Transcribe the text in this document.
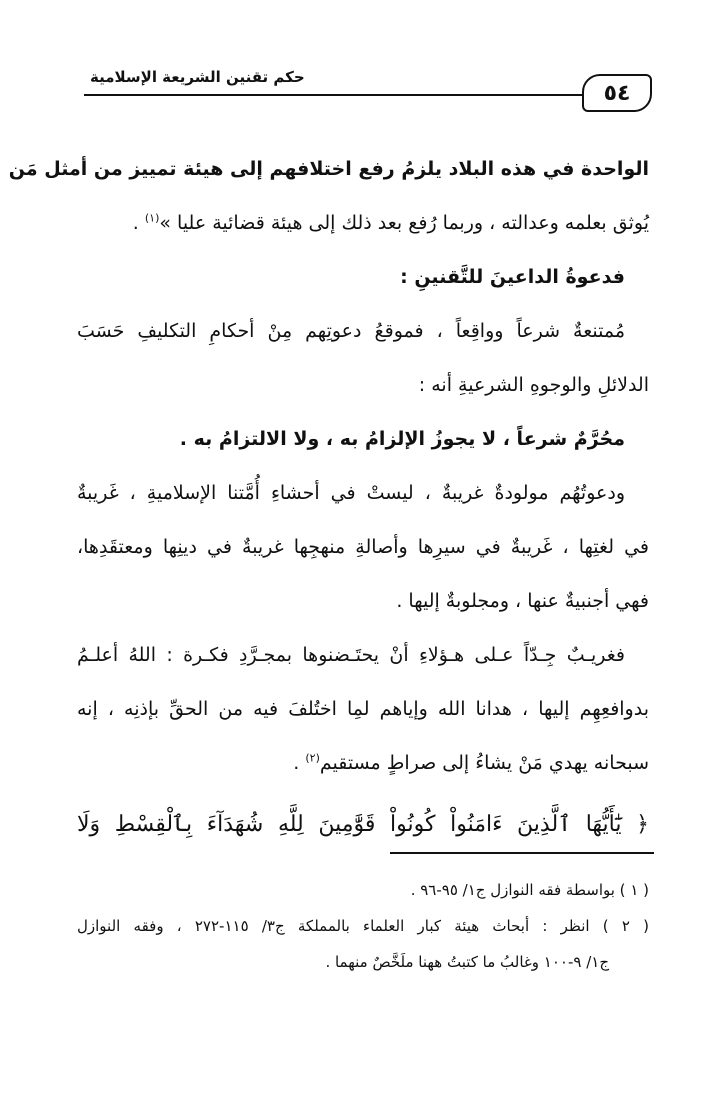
٥٤
حكم تقنين الشريعة الإسلامية
الواحدة في هذه البلاد يلزمُ رفع اختلافهم إلى هيئة تمييز من أمثل مَن
يُوثق بعلمه وعدالته ، وربما رُفع بعد ذلك إلى هيئة قضائية عليا »$^{(١)}$ .
فدعوةُ الداعينَ للتَّقنينِ :
مُمتنعةٌ شرعاً وواقِعاً ، فموقعُ دعوتِهم مِنْ أحكامِ التكليفِ حَسَبَ
الدلائلِ والوجوهِ الشرعيةِ أنه :
محُرَّمٌ شرعاً ، لا يجوزُ الإلزامُ به ، ولا الالتزامُ به .
ودعوتُهُم مولودةٌ غريبةٌ ، ليستْ في أحشاءِ أُمَّتنا الإسلاميةِ ، غَريبةٌ
في لغتِها ، غَريبةٌ في سيرِها وأصالةِ منهجِها غريبةٌ في دينِها ومعتقَدِها،
فهي أجنبيةٌ عنها ، ومجلوبةٌ إليها .
فغريـبٌ جِـدّاً عـلى هـؤلاءِ أنْ يحتَـضنوها بمجـرَّدِ فكـرة : اللهُ أعلـمُ
بدوافعِهِم إليها ، هدانا الله وإياهم لمِا اختُلفَ فيه من الحقِّ بإذنِه ، إنه
سبحانه يهدي مَنْ يشاءُ إلى صراطٍ مستقيم$^{(٢)}$ .
﴿ يَٰٓأَيُّهَا ٱلَّذِينَ ءَامَنُواْ كُونُواْ قَوَّٰمِينَ لِلَّهِ شُهَدَآءَ بِٱلْقِسْطِ وَلَا
( ١ ) بواسطة فقه النوازل ج١/ ٩٥-٩٦ .
( ٢ ) انظر : أبحاث هيئة كبار العلماء بالمملكة ج٣/ ١١٥-٢٧٢ ، وفقه النوازل
ج١/ ٩-١٠٠ وغالبُ ما كتبتُ ههنا ملَخَّصٌ منهما .
